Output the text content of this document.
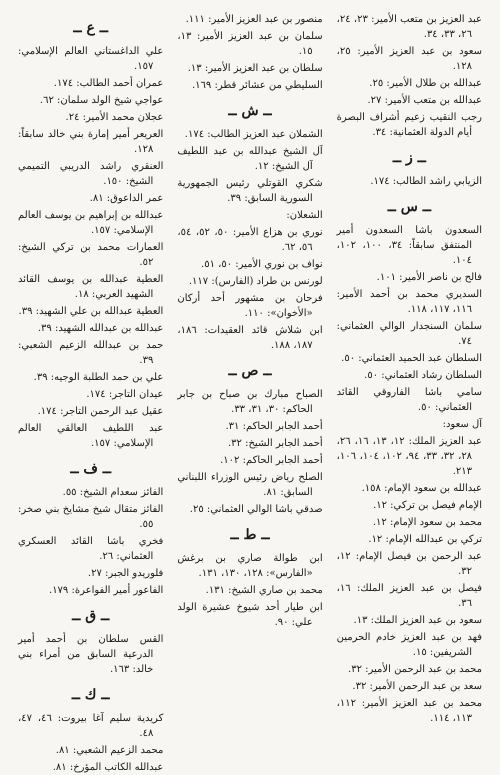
عبد العزيز بن متعب الأمير: ٢٣، ٢٤، ٢٦، ٣٣، ٣٤.
سعود بن عبد العزيز الأمير: ٢٥، ١٢٨.
عبدالله بن طلال الأمير: ٢٥.
عبدالله بن متعب الأمير: ٢٧.
رجب النقيب زعيم أشراف البصرة أيام الدولة العثمانية: ٣٤.
ــ ز ــ
الزيابي راشد الطالب: ١٧٤.
ــ س ــ
السعدون باشا السعدون أمير المنتفق سابقاً: ٣٤، ١٠٠، ١٠٢، ١٠٤.
فالح بن ناصر الأمير: ١٠١.
السديري محمد بن أحمد الأمير: ١١٦، ١١٧، ١١٨.
سلمان السنجدار الوالي العثماني: ٧٤.
السلطان عبد الحميد العثماني: ٥٠.
السلطان رشاد العثماني: ٥٠.
سامي باشا الفاروقي القائد العثماني: ٥٠.
آل سعود:
عبد العزيز الملك: ١٢، ١٣، ١٦، ٢٦، ٢٨، ٣٢، ٣٣، ٩٤، ١٠٢، ١٠٤، ١٠٦، ٢١٣.
عبدالله بن سعود الإمام: ١٥٨.
الإمام فيصل بن تركي: ١٢.
محمد بن سعود الإمام: ١٢.
تركي بن عبدالله الإمام: ١٢.
عبد الرحمن بن فيصل الإمام: ١٢، ٣٢.
فيصل بن عبد العزيز الملك: ١٦، ٣٦.
سعود بن عبد العزيز الملك: ١٣.
فهد بن عبد العزيز خادم الحرمين الشريفين: ١٥.
محمد بن عبد الرحمن الأمير: ٣٢.
سعد بن عبد الرحمن الأمير: ٣٢.
محمد بن عبد العزيز الأمير: ١١٢، ١١٣، ١١٤.
منصور بن عبد العزيز الأمير: ١١١.
سلمان بن عبد العزيز الأمير: ١٣، ١٥.
سلطان بن عبد العزيز الأمير: ١٣.
السليطي من عشائر قطر: ١٦٩.
ــ ش ــ
الشملان عبد العزيز الطالب: ١٧٤.
آل الشيخ عبدالله بن عبد اللطيف آل الشيخ: ١٢.
شكري القوتلي رئيس الجمهورية السورية السابق: ٣٩.
الشعلان:
نوري بن هزاع الأمير: ٥٠، ٥٢، ٥٤، ٥٦، ٦٢.
نواف بن نوري الأمير: ٥٠، ٥١.
لورنس بن طراد (الفارس): ١١٧.
فرحان بن مشهور أحد أركان «الأخوان»: ١١٠.
ابن شلاش قائد العقيدات: ١٨٦، ١٨٧، ١٨٨.
ــ ص ــ
الصباح مبارك بن صباح بن جابر الحاكم: ٣٠، ٣١، ٣٣.
أحمد الجابر الحاكم: ٣١.
أحمد الجابر الشيخ: ٣٢.
أحمد الجابر الحاكم: ١٠٢.
الصلح رياض رئيس الوزراء اللبناني السابق: ٨١.
صدقي باشا الوالي العثماني: ٢٥.
ــ ط ــ
ابن طوالة صاري بن برغش «الفارس»: ١٢٨، ١٣٠، ١٣١.
محمد بن صاري الشيخ: ١٣١.
ابن طيار أحد شيوخ عشيرة الولد علي: ٩٠.
ــ ع ــ
علي الداغستاني العالم الإسلامي: ١٥٧.
عمران أحمد الطالب: ١٧٤.
عواجي شيخ الولد سلمان: ٦٢.
عجلان محمد الأمير: ٢٤.
العريعر أمير إمارة بني خالد سابقاً: ١٢٨.
العنقري راشد الدريبي التميمي الشيخ: ١٥٠.
عمر الداعوق: ٨١.
عبدالله بن إبراهيم بن يوسف العالم الإسلامي: ١٥٧.
العمارات محمد بن تركي الشيخ: ٥٢.
العطية عبدالله بن يوسف القائد الشهيد العربي: ١٨.
العطية عبدالله بن علي الشهيد: ٣٩.
عبدالله بن عبدالله الشهيد: ٣٩.
حمد بن عبدالله الزعيم الشعبي: ٣٩.
علي بن حمد الطلبة الوجيه: ٣٩.
عيدان التاجر: ١٧٤.
عقيل عبد الرحمن التاجر: ١٧٤.
عبد اللطيف العالقي العالم الإسلامي: ١٥٧.
ــ ف ــ
الفائز سعدام الشيخ: ٥٥.
الفائز متقال شيخ مشايخ بني صخر: ٥٥.
فخري باشا القائد العسكري العثماني: ٢٦.
فلوريدو الجبر: ٢٧.
الفاعور أمير الفواعرة: ١٧٩.
ــ ق ــ
القس سلطان بن أحمد أمير الدرعية السابق من أمراء بني خالد: ١٦٣.
ــ ك ــ
كريدية سليم آغا بيروت: ٤٦، ٤٧، ٤٨.
محمد الزعيم الشعبي: ٨١.
عبدالله الكاتب المؤرخ: ٨١.
